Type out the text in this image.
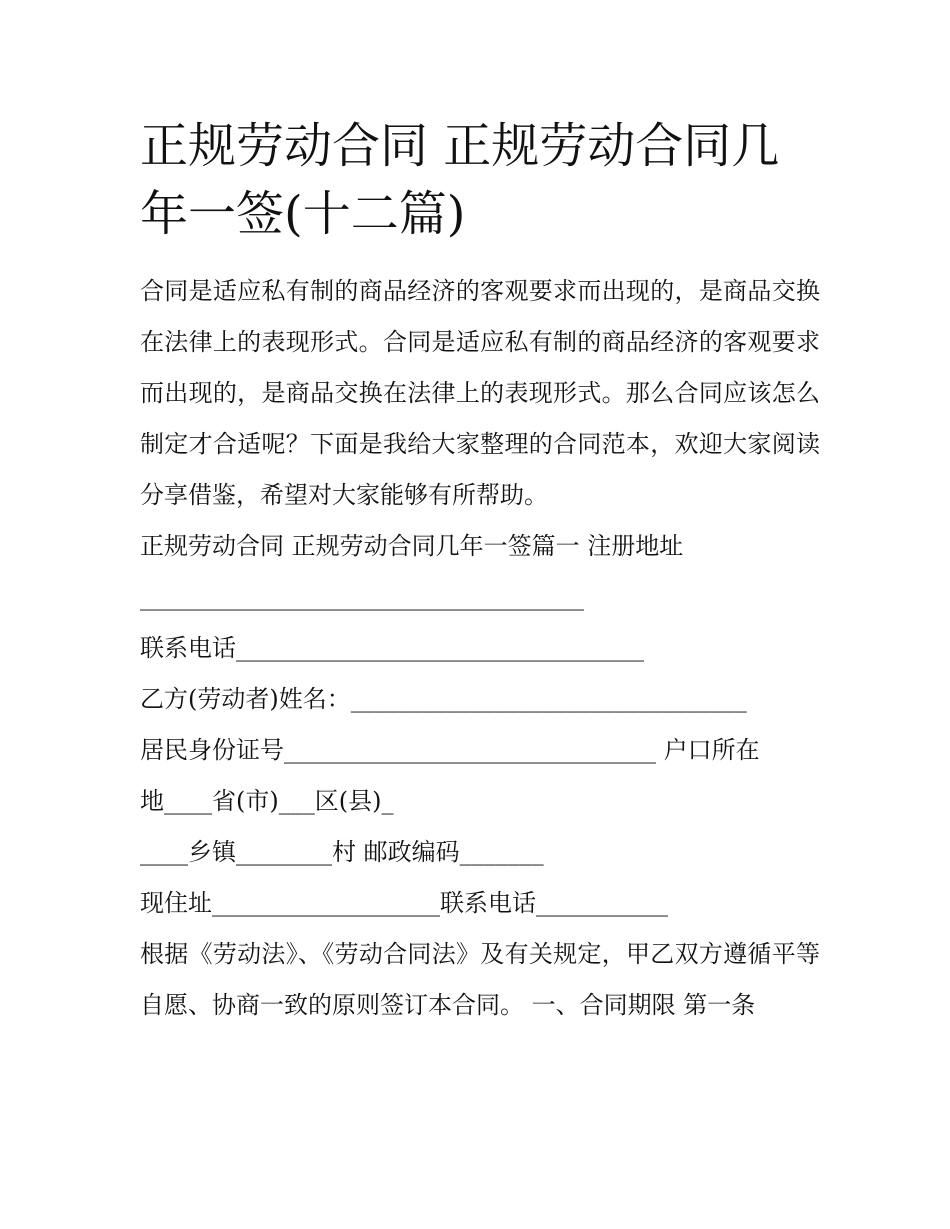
正规劳动合同 正规劳动合同几年一签(十二篇)

合同是适应私有制的商品经济的客观要求而出现的，是商品交换在法律上的表现形式。合同是适应私有制的商品经济的客观要求而出现的，是商品交换在法律上的表现形式。那么合同应该怎么制定才合适呢？下面是我给大家整理的合同范本，欢迎大家阅读分享借鉴，希望对大家能够有所帮助。

正规劳动合同 正规劳动合同几年一签篇一 注册地址

_____________________________________

联系电话__________________________________

乙方(劳动者)姓名：_________________________________

居民身份证号_______________________________ 户口所在

地____省(市)___区(县)_

____乡镇________村 邮政编码_______

现住址___________________联系电话___________

根据《劳动法》、《劳动合同法》及有关规定，甲乙双方遵循平等自愿、协商一致的原则签订本合同。 一、合同期限 第一条
